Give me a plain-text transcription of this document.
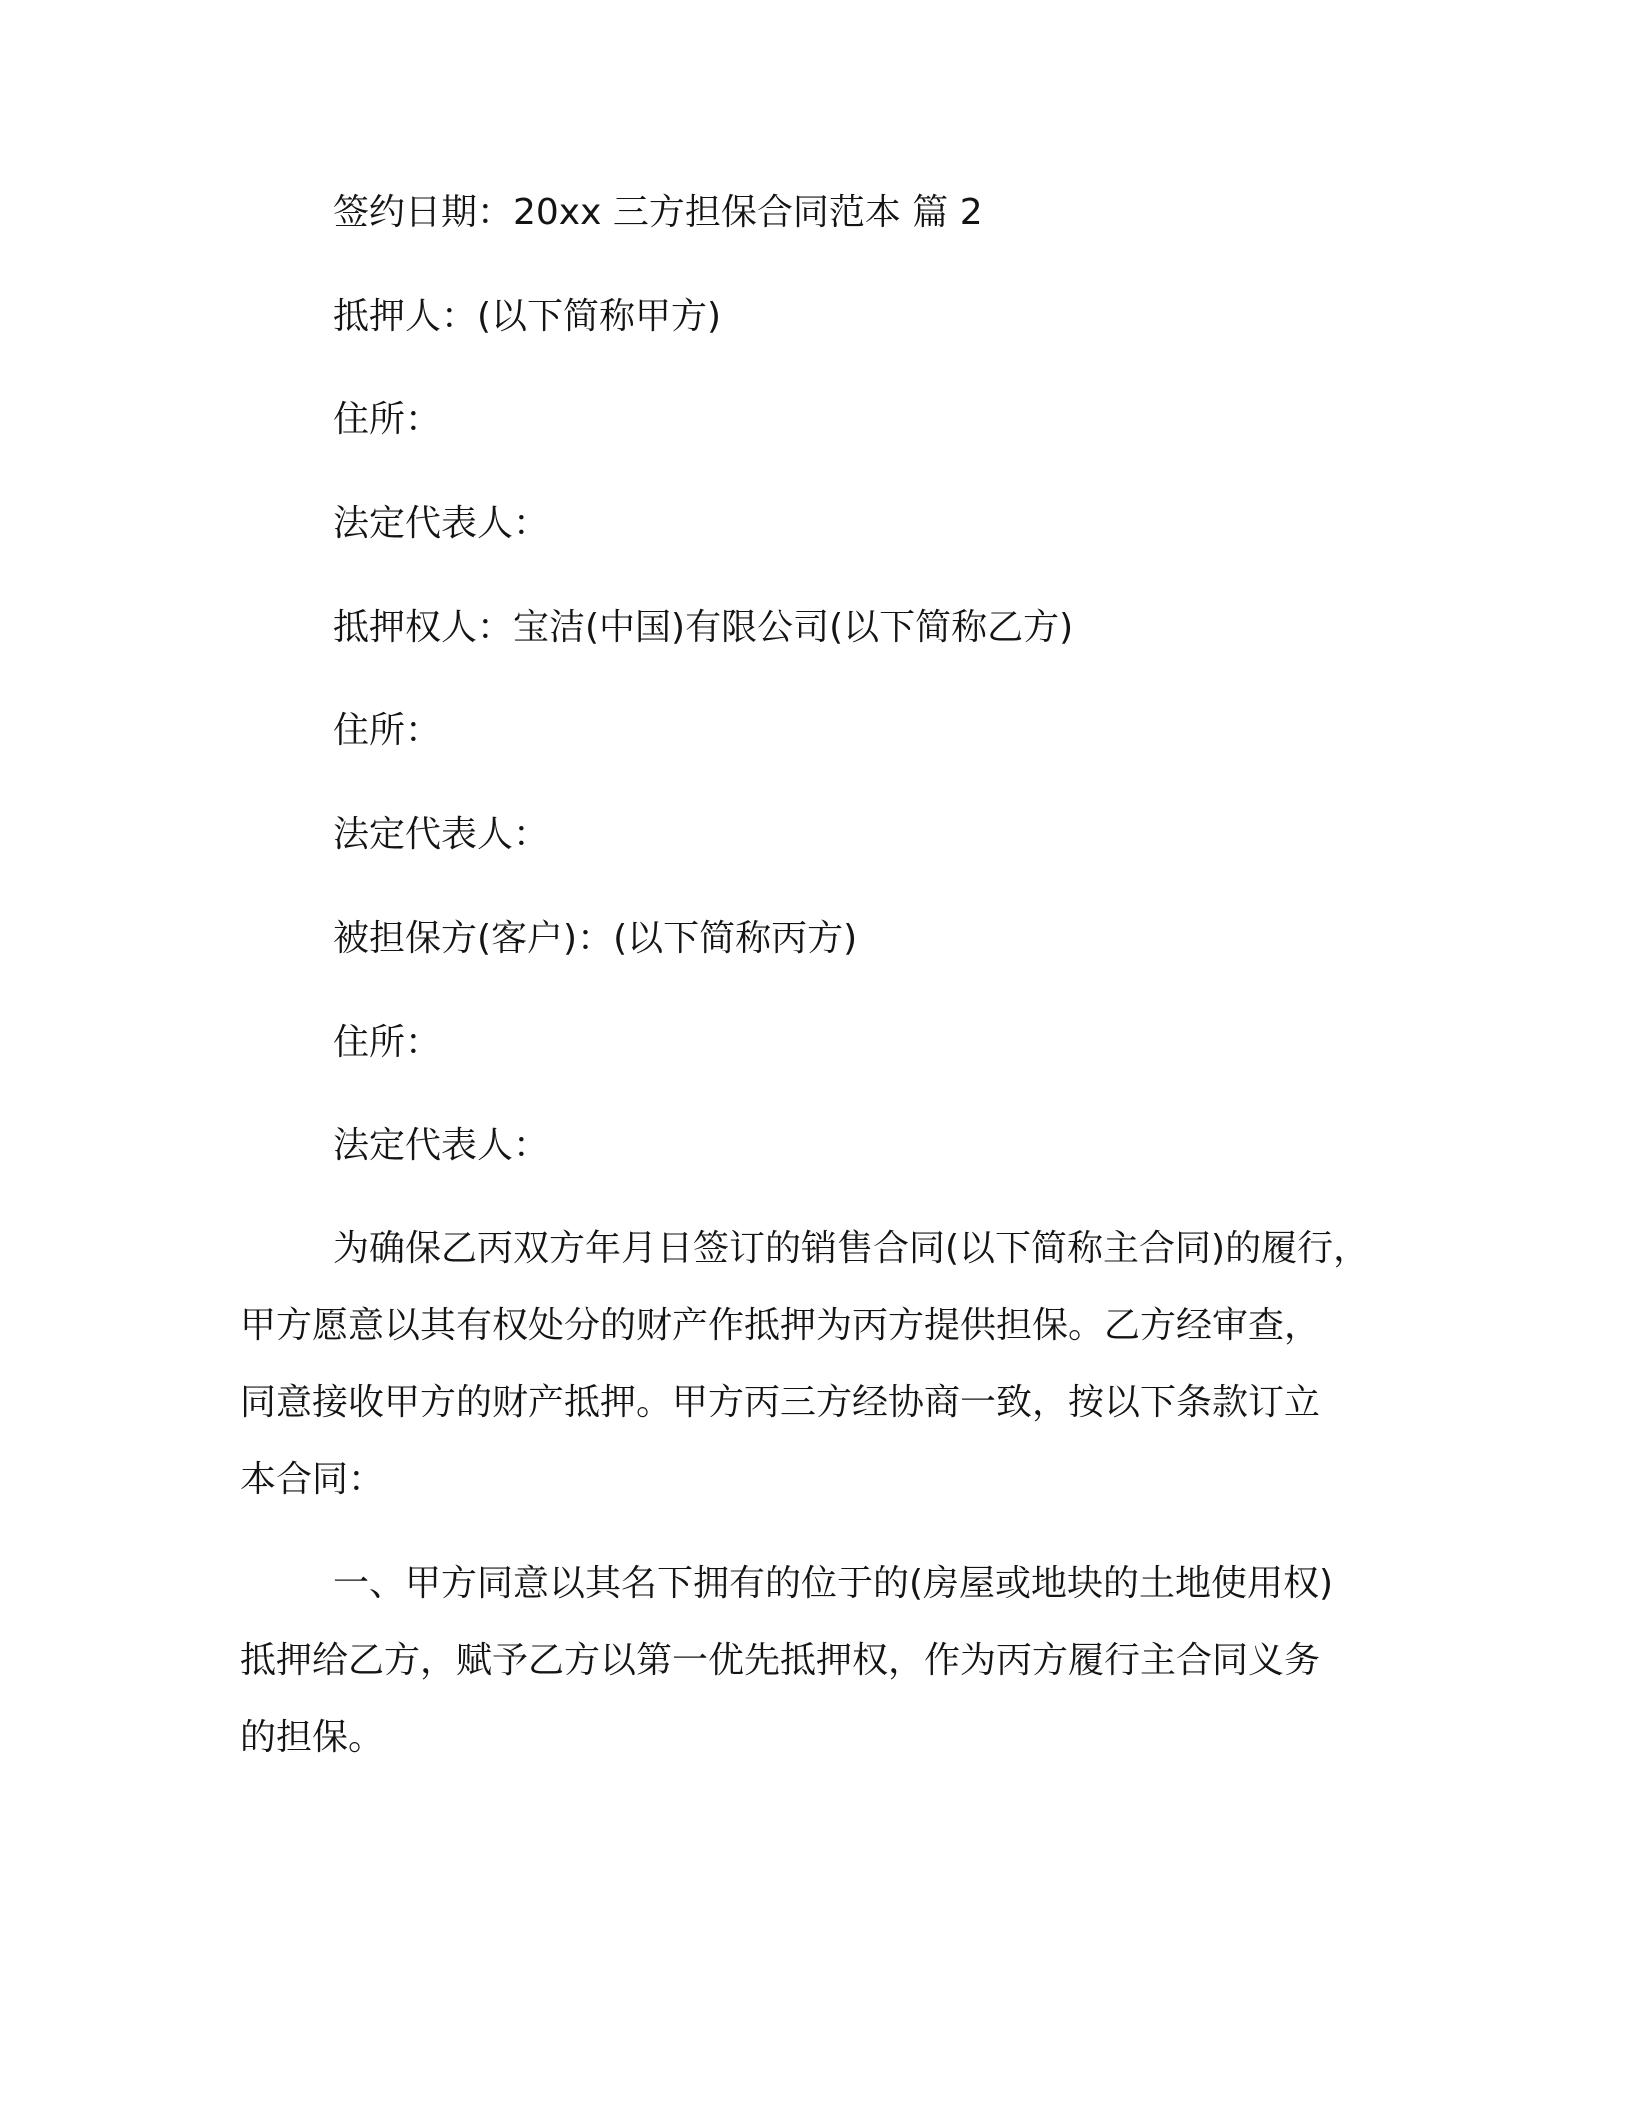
签约日期：20xx 三方担保合同范本 篇 2
抵押人：(以下简称甲方)
住所：
法定代表人：
抵押权人：宝洁(中国)有限公司(以下简称乙方)
住所：
法定代表人：
被担保方(客户)：(以下简称丙方)
住所：
法定代表人：
为确保乙丙双方年月日签订的销售合同(以下简称主合同)的履行，
甲方愿意以其有权处分的财产作抵押为丙方提供担保。乙方经审查，
同意接收甲方的财产抵押。甲方丙三方经协商一致，按以下条款订立
本合同：
一、甲方同意以其名下拥有的位于的(房屋或地块的土地使用权)
抵押给乙方，赋予乙方以第一优先抵押权，作为丙方履行主合同义务
的担保。
